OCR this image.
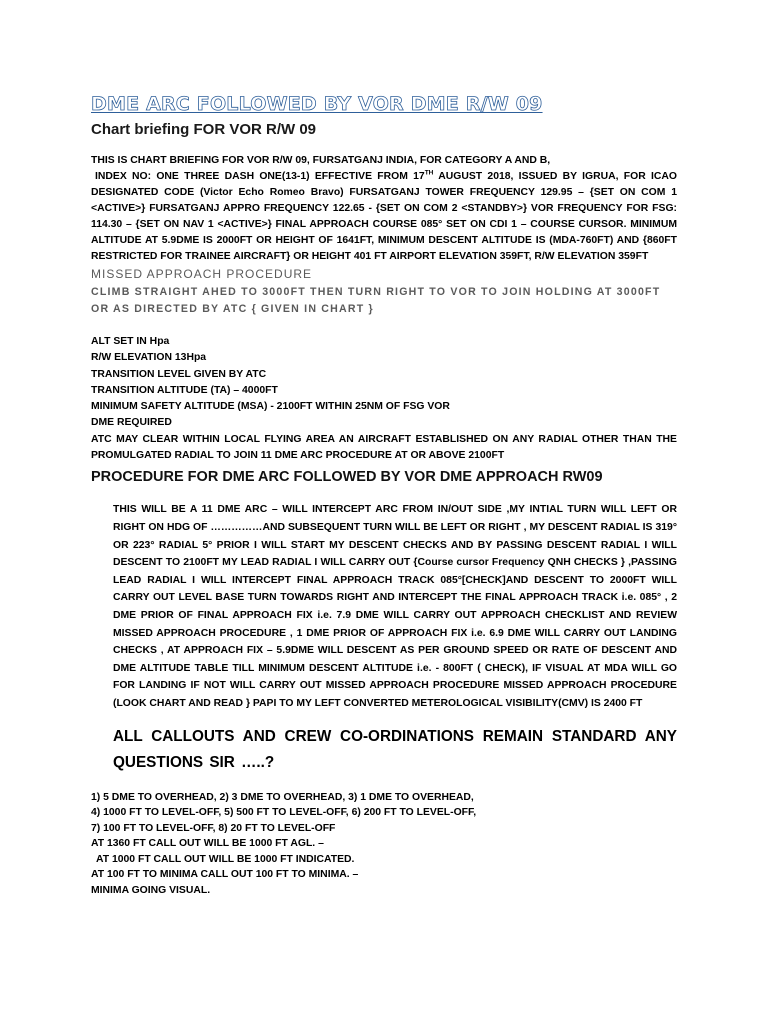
DME ARC FOLLOWED BY VOR DME R/W 09
Chart briefing FOR VOR R/W 09
THIS IS CHART BRIEFING FOR VOR R/W 09, FURSATGANJ INDIA, FOR CATEGORY A AND B,
INDEX NO: ONE THREE DASH ONE(13-1) EFFECTIVE FROM 17TH AUGUST 2018, ISSUED BY IGRUA, FOR ICAO DESIGNATED CODE (Victor Echo Romeo Bravo) FURSATGANJ TOWER FREQUENCY 129.95 – {SET ON COM 1 <ACTIVE>} FURSATGANJ APPRO FREQUENCY 122.65 - {SET ON COM 2 <STANDBY>} VOR FREQUENCY FOR FSG: 114.30 – {SET ON NAV 1 <ACTIVE>} FINAL APPROACH COURSE 085° SET ON CDI 1 – COURSE CURSOR. MINIMUM ALTITUDE AT 5.9DME IS 2000FT OR HEIGHT OF 1641FT, MINIMUM DESCENT ALTITUDE IS (MDA-760FT) AND {860FT RESTRICTED FOR TRAINEE AIRCRAFT} OR HEIGHT 401 FT AIRPORT ELEVATION 359FT, R/W ELEVATION 359FT
MISSED APPROACH PROCEDURE
CLIMB STRAIGHT AHED TO 3000FT THEN TURN RIGHT TO VOR TO JOIN HOLDING AT 3000FT OR AS DIRECTED BY ATC { GIVEN IN CHART }
ALT SET IN Hpa
R/W ELEVATION 13Hpa
TRANSITION LEVEL GIVEN BY ATC
TRANSITION ALTITUDE (TA) – 4000FT
MINIMUM SAFETY ALTITUDE (MSA) - 2100FT WITHIN 25NM OF FSG VOR
DME REQUIRED
ATC MAY CLEAR WITHIN LOCAL FLYING AREA AN AIRCRAFT ESTABLISHED ON ANY RADIAL OTHER THAN THE PROMULGATED RADIAL TO JOIN 11 DME ARC PROCEDURE AT OR ABOVE 2100FT
PROCEDURE FOR DME ARC FOLLOWED BY VOR DME APPROACH RW09
THIS WILL BE A 11 DME ARC – WILL INTERCEPT ARC FROM IN/OUT SIDE ,MY INTIAL TURN WILL LEFT OR RIGHT ON HDG OF ……………AND SUBSEQUENT TURN WILL BE LEFT OR RIGHT , MY DESCENT RADIAL IS 319° OR 223° RADIAL 5° PRIOR I WILL START MY DESCENT CHECKS AND BY PASSING DESCENT RADIAL I WILL DESCENT TO 2100FT MY LEAD RADIAL I WILL CARRY OUT {Course cursor Frequency QNH CHECKS } ,PASSING LEAD RADIAL I WILL INTERCEPT FINAL APPROACH TRACK 085°[CHECK]AND DESCENT TO 2000FT WILL CARRY OUT LEVEL BASE TURN TOWARDS RIGHT AND INTERCEPT THE FINAL APPROACH TRACK i.e. 085° , 2 DME PRIOR OF FINAL APPROACH FIX i.e. 7.9 DME WILL CARRY OUT APPROACH CHECKLIST AND REVIEW MISSED APPROACH PROCEDURE , 1 DME PRIOR OF APPROACH FIX i.e. 6.9 DME WILL CARRY OUT LANDING CHECKS , AT APPROACH FIX – 5.9DME WILL DESCENT AS PER GROUND SPEED OR RATE OF DESCENT AND DME ALTITUDE TABLE TILL MINIMUM DESCENT ALTITUDE i.e. - 800FT ( CHECK), IF VISUAL AT MDA WILL GO FOR LANDING IF NOT WILL CARRY OUT MISSED APPROACH PROCEDURE MISSED APPROACH PROCEDURE (LOOK CHART AND READ } PAPI TO MY LEFT CONVERTED METEROLOGICAL VISIBILITY(CMV) IS 2400 FT
ALL CALLOUTS AND CREW CO-ORDINATIONS REMAIN STANDARD ANY QUESTIONS SIR …..?
1) 5 DME TO OVERHEAD, 2) 3 DME TO OVERHEAD, 3) 1 DME TO OVERHEAD,
4) 1000 FT TO LEVEL-OFF, 5) 500 FT TO LEVEL-OFF, 6) 200 FT TO LEVEL-OFF,
7) 100 FT TO LEVEL-OFF, 8) 20 FT TO LEVEL-OFF
AT 1360 FT CALL OUT WILL BE 1000 FT AGL. –
AT 1000 FT CALL OUT WILL BE 1000 FT INDICATED.
AT 100 FT TO MINIMA CALL OUT 100 FT TO MINIMA. –
MINIMA GOING VISUAL.
